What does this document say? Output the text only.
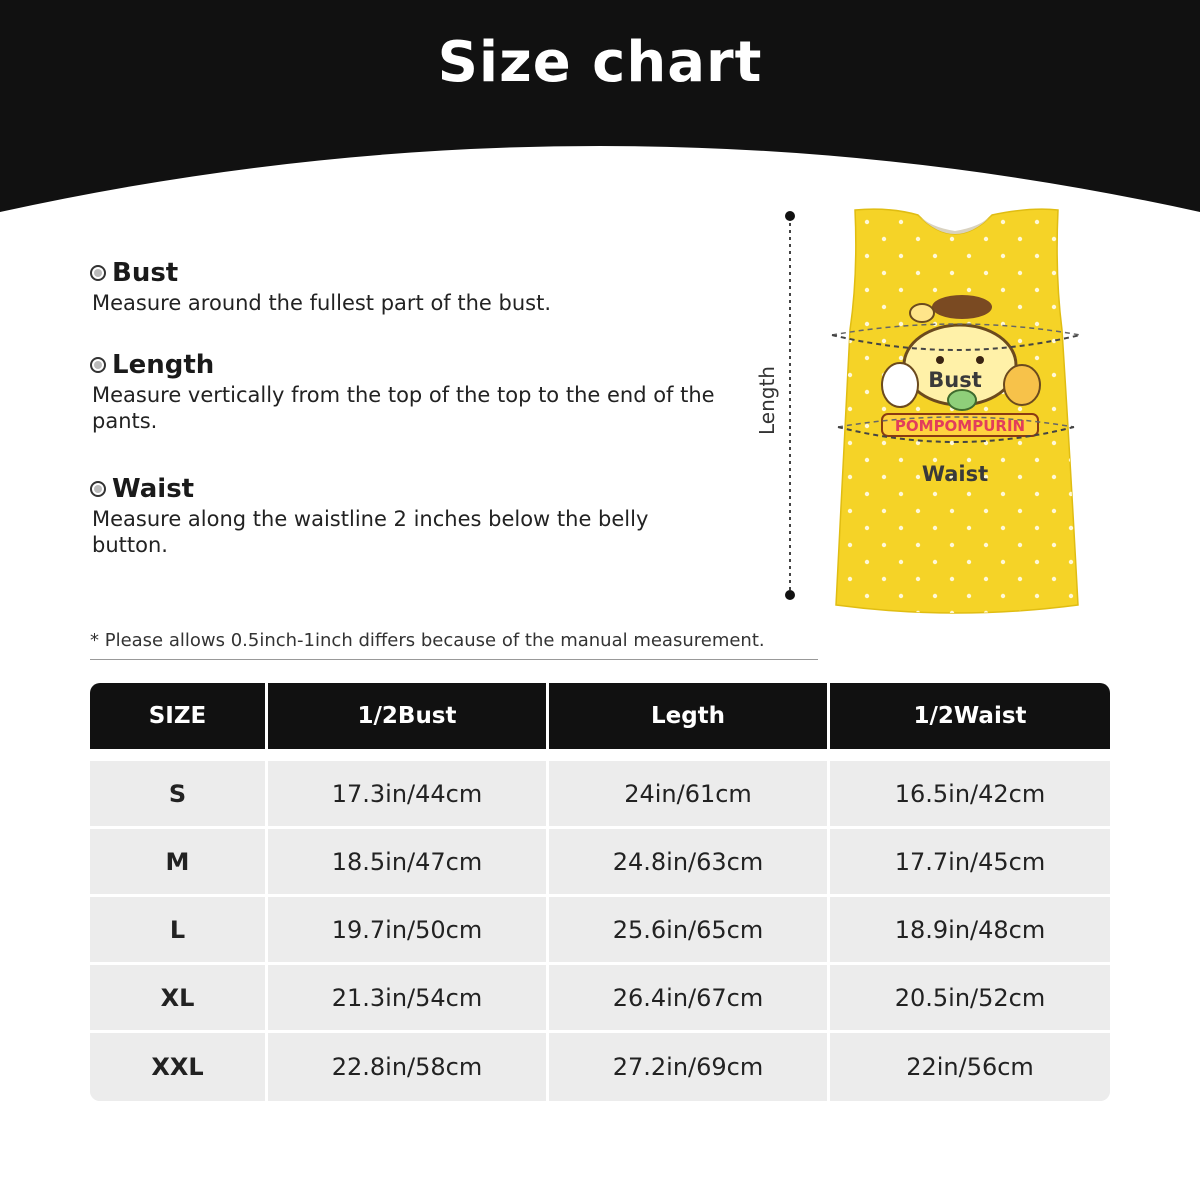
Size chart
Bust
Measure around the fullest part of the bust.
Length
Measure vertically from the top of the top to the end of the pants.
Waist
Measure along the waistline 2 inches below the belly button.
POMPOMPURIN
Length	Bust
Waist
* Please allows 0.5inch-1inch differs because of the manual measurement.
SIZE	1/2Bust	Legth	1/2Waist
S	17.3in/44cm	24in/61cm	16.5in/42cm
M	18.5in/47cm	24.8in/63cm	17.7in/45cm
L	19.7in/50cm	25.6in/65cm	18.9in/48cm
XL	21.3in/54cm	26.4in/67cm	20.5in/52cm
XXL	22.8in/58cm	27.2in/69cm	22in/56cm
